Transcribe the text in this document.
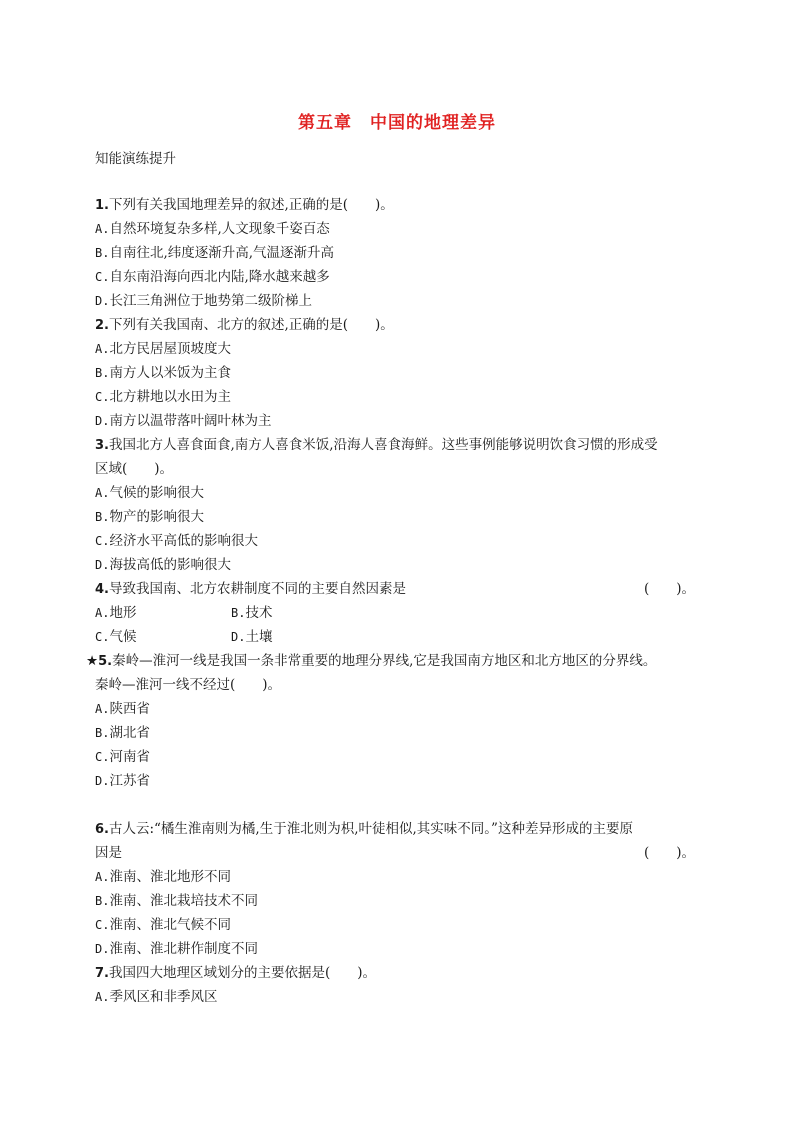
第五章　中国的地理差异
知能演练提升
1.下列有关我国地理差异的叙述,正确的是(　　)。
A.自然环境复杂多样,人文现象千姿百态
B.自南往北,纬度逐渐升高,气温逐渐升高
C.自东南沿海向西北内陆,降水越来越多
D.长江三角洲位于地势第二级阶梯上
2.下列有关我国南、北方的叙述,正确的是(　　)。
A.北方民居屋顶坡度大
B.南方人以米饭为主食
C.北方耕地以水田为主
D.南方以温带落叶阔叶林为主
3.我国北方人喜食面食,南方人喜食米饭,沿海人喜食海鲜。这些事例能够说明饮食习惯的形成受
区域(　　)。
A.气候的影响很大
B.物产的影响很大
C.经济水平高低的影响很大
D.海拔高低的影响很大
4.导致我国南、北方农耕制度不同的主要自然因素是	(　　)。
A.地形	B.技术
C.气候	D.土壤
★5.秦岭—淮河一线是我国一条非常重要的地理分界线,它是我国南方地区和北方地区的分界线。
秦岭—淮河一线不经过(　　)。
A.陕西省
B.湖北省
C.河南省
D.江苏省
6.古人云:“橘生淮南则为橘,生于淮北则为枳,叶徒相似,其实味不同。”这种差异形成的主要原
因是	(　　)。
A.淮南、淮北地形不同
B.淮南、淮北栽培技术不同
C.淮南、淮北气候不同
D.淮南、淮北耕作制度不同
7.我国四大地理区域划分的主要依据是(　　)。
A.季风区和非季风区
